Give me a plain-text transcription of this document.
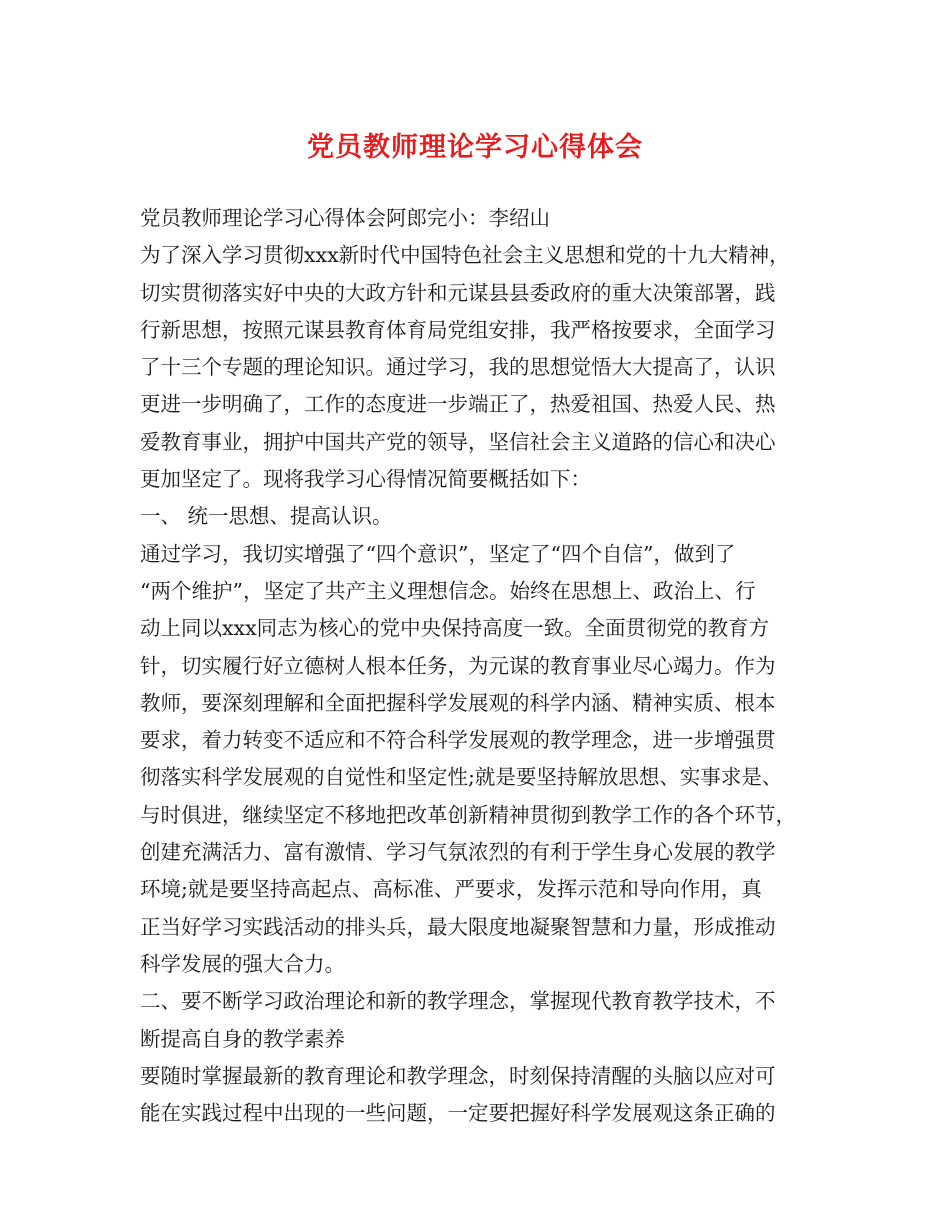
党员教师理论学习心得体会
党员教师理论学习心得体会阿郎完小：李绍山
为了深入学习贯彻xxx新时代中国特色社会主义思想和党的十九大精神，
切实贯彻落实好中央的大政方针和元谋县县委政府的重大决策部署，践
行新思想，按照元谋县教育体育局党组安排，我严格按要求，全面学习
了十三个专题的理论知识。通过学习，我的思想觉悟大大提高了，认识
更进一步明确了，工作的态度进一步端正了，热爱祖国、热爱人民、热
爱教育事业，拥护中国共产党的领导，坚信社会主义道路的信心和决心
更加坚定了。现将我学习心得情况简要概括如下：
一、 统一思想、提高认识。
通过学习，我切实增强了“四个意识”，坚定了“四个自信”，做到了
“两个维护”，坚定了共产主义理想信念。始终在思想上、政治上、行
动上同以xxx同志为核心的党中央保持高度一致。全面贯彻党的教育方
针，切实履行好立德树人根本任务，为元谋的教育事业尽心竭力。作为
教师，要深刻理解和全面把握科学发展观的科学内涵、精神实质、根本
要求，着力转变不适应和不符合科学发展观的教学理念，进一步增强贯
彻落实科学发展观的自觉性和坚定性;就是要坚持解放思想、实事求是、
与时俱进，继续坚定不移地把改革创新精神贯彻到教学工作的各个环节，
创建充满活力、富有激情、学习气氛浓烈的有利于学生身心发展的教学
环境;就是要坚持高起点、高标准、严要求，发挥示范和导向作用，真
正当好学习实践活动的排头兵，最大限度地凝聚智慧和力量，形成推动
科学发展的强大合力。
二、要不断学习政治理论和新的教学理念，掌握现代教育教学技术，不
断提高自身的教学素养
要随时掌握最新的教育理论和教学理念，时刻保持清醒的头脑以应对可
能在实践过程中出现的一些问题，一定要把握好科学发展观这条正确的
